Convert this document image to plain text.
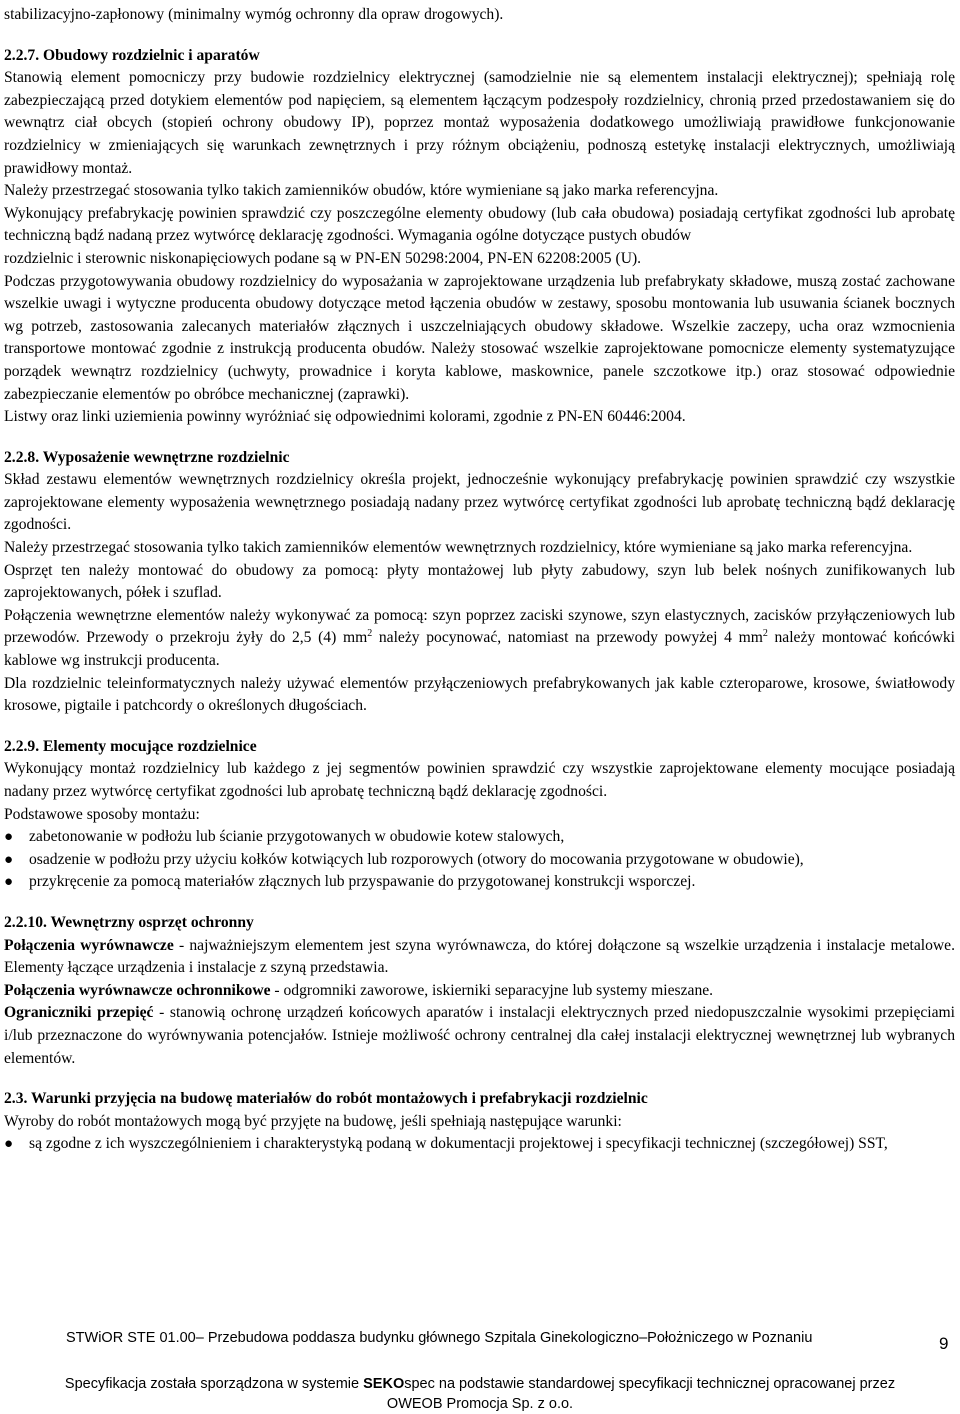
stabilizacyjno-zapłonowy (minimalny wymóg ochronny dla opraw drogowych).

2.2.7. Obudowy rozdzielnic i aparatów

Stanowią element pomocniczy przy budowie rozdzielnicy elektrycznej (samodzielnie nie są elementem instalacji elektrycznej); spełniają rolę zabezpieczającą przed dotykiem elementów pod napięciem, są elementem łączącym podzespoły rozdzielnicy, chronią przed przedostawaniem się do wewnątrz ciał obcych (stopień ochrony obudowy IP), poprzez montaż wyposażenia dodatkowego umożliwiają prawidłowe funkcjonowanie rozdzielnicy w zmieniających się warunkach zewnętrznych i przy różnym obciążeniu, podnoszą estetykę instalacji elektrycznych, umożliwiają prawidłowy montaż.

Należy przestrzegać stosowania tylko takich zamienników obudów, które wymieniane są jako marka referencyjna.

Wykonujący prefabrykację powinien sprawdzić czy poszczególne elementy obudowy (lub cała obudowa) posiadają certyfikat zgodności lub aprobatę techniczną bądź nadaną przez wytwórcę deklarację zgodności. Wymagania ogólne dotyczące pustych obudów

rozdzielnic i sterownic niskonapięciowych podane są w PN-EN 50298:2004, PN-EN 62208:2005 (U).

Podczas przygotowywania obudowy rozdzielnicy do wyposażania w zaprojektowane urządzenia lub prefabrykaty składowe, muszą zostać zachowane wszelkie uwagi i wytyczne producenta obudowy dotyczące metod łączenia obudów w zestawy, sposobu montowania lub usuwania ścianek bocznych wg potrzeb, zastosowania zalecanych materiałów złącznych i uszczelniających obudowy składowe. Wszelkie zaczepy, ucha oraz wzmocnienia transportowe montować zgodnie z instrukcją producenta obudów. Należy stosować wszelkie zaprojektowane pomocnicze elementy systematyzujące porządek wewnątrz rozdzielnicy (uchwyty, prowadnice i koryta kablowe, maskownice, panele szczotkowe itp.) oraz stosować odpowiednie zabezpieczanie elementów po obróbce mechanicznej (zaprawki).

Listwy oraz linki uziemienia powinny wyróżniać się odpowiednimi kolorami, zgodnie z PN-EN 60446:2004.

2.2.8. Wyposażenie wewnętrzne rozdzielnic

Skład zestawu elementów wewnętrznych rozdzielnicy określa projekt, jednocześnie wykonujący prefabrykację powinien sprawdzić czy wszystkie zaprojektowane elementy wyposażenia wewnętrznego posiadają nadany przez wytwórcę certyfikat zgodności lub aprobatę techniczną bądź deklarację zgodności.

Należy przestrzegać stosowania tylko takich zamienników elementów wewnętrznych rozdzielnicy, które wymieniane są jako marka referencyjna.

Osprzęt ten należy montować do obudowy za pomocą: płyty montażowej lub płyty zabudowy, szyn lub belek nośnych zunifikowanych lub zaprojektowanych, półek i szuflad.

Połączenia wewnętrzne elementów należy wykonywać za pomocą: szyn poprzez zaciski szynowe, szyn elastycznych, zacisków przyłączeniowych lub przewodów. Przewody o przekroju żyły do 2,5 (4) $mm^2$ należy pocynować, natomiast na przewody powyżej 4 $mm^2$ należy montować końcówki kablowe wg instrukcji producenta.

Dla rozdzielnic teleinformatycznych należy używać elementów przyłączeniowych prefabrykowanych jak kable czteroparowe, krosowe, światłowody krosowe, pigtaile i patchcordy o określonych długościach.

2.2.9. Elementy mocujące rozdzielnice

Wykonujący montaż rozdzielnicy lub każdego z jej segmentów powinien sprawdzić czy wszystkie zaprojektowane elementy mocujące posiadają nadany przez wytwórcę certyfikat zgodności lub aprobatę techniczną bądź deklarację zgodności.

Podstawowe sposoby montażu:

● zabetonowanie w podłożu lub ścianie przygotowanych w obudowie kotew stalowych,
● osadzenie w podłożu przy użyciu kołków kotwiących lub rozporowych (otwory do mocowania przygotowane w obudowie),
● przykręcenie za pomocą materiałów złącznych lub przyspawanie do przygotowanej konstrukcji wsporczej.

2.2.10. Wewnętrzny osprzęt ochronny

Połączenia wyrównawcze - najważniejszym elementem jest szyna wyrównawcza, do której dołączone są wszelkie urządzenia i instalacje metalowe. Elementy łączące urządzenia i instalacje z szyną przedstawia.

Połączenia wyrównawcze ochronnikowe - odgromniki zaworowe, iskierniki separacyjne lub systemy mieszane.

Ograniczniki przepięć - stanowią ochronę urządzeń końcowych aparatów i instalacji elektrycznych przed niedopuszczalnie wysokimi przepięciami i/lub przeznaczone do wyrównywania potencjałów. Istnieje możliwość ochrony centralnej dla całej instalacji elektrycznej wewnętrznej lub wybranych elementów.

2.3. Warunki przyjęcia na budowę materiałów do robót montażowych i prefabrykacji rozdzielnic

Wyroby do robót montażowych mogą być przyjęte na budowę, jeśli spełniają następujące warunki:

● są zgodne z ich wyszczególnieniem i charakterystyką podaną w dokumentacji projektowej i specyfikacji technicznej (szczegółowej) SST,
STWiOR STE 01.00– Przebudowa poddasza budynku głównego Szpitala Ginekologiczno–Położniczego w Poznaniu	9
Specyfikacja została sporządzona w systemie SEKOspec na podstawie standardowej specyfikacji technicznej opracowanej przez
OWEOB Promocja Sp. z o.o.
